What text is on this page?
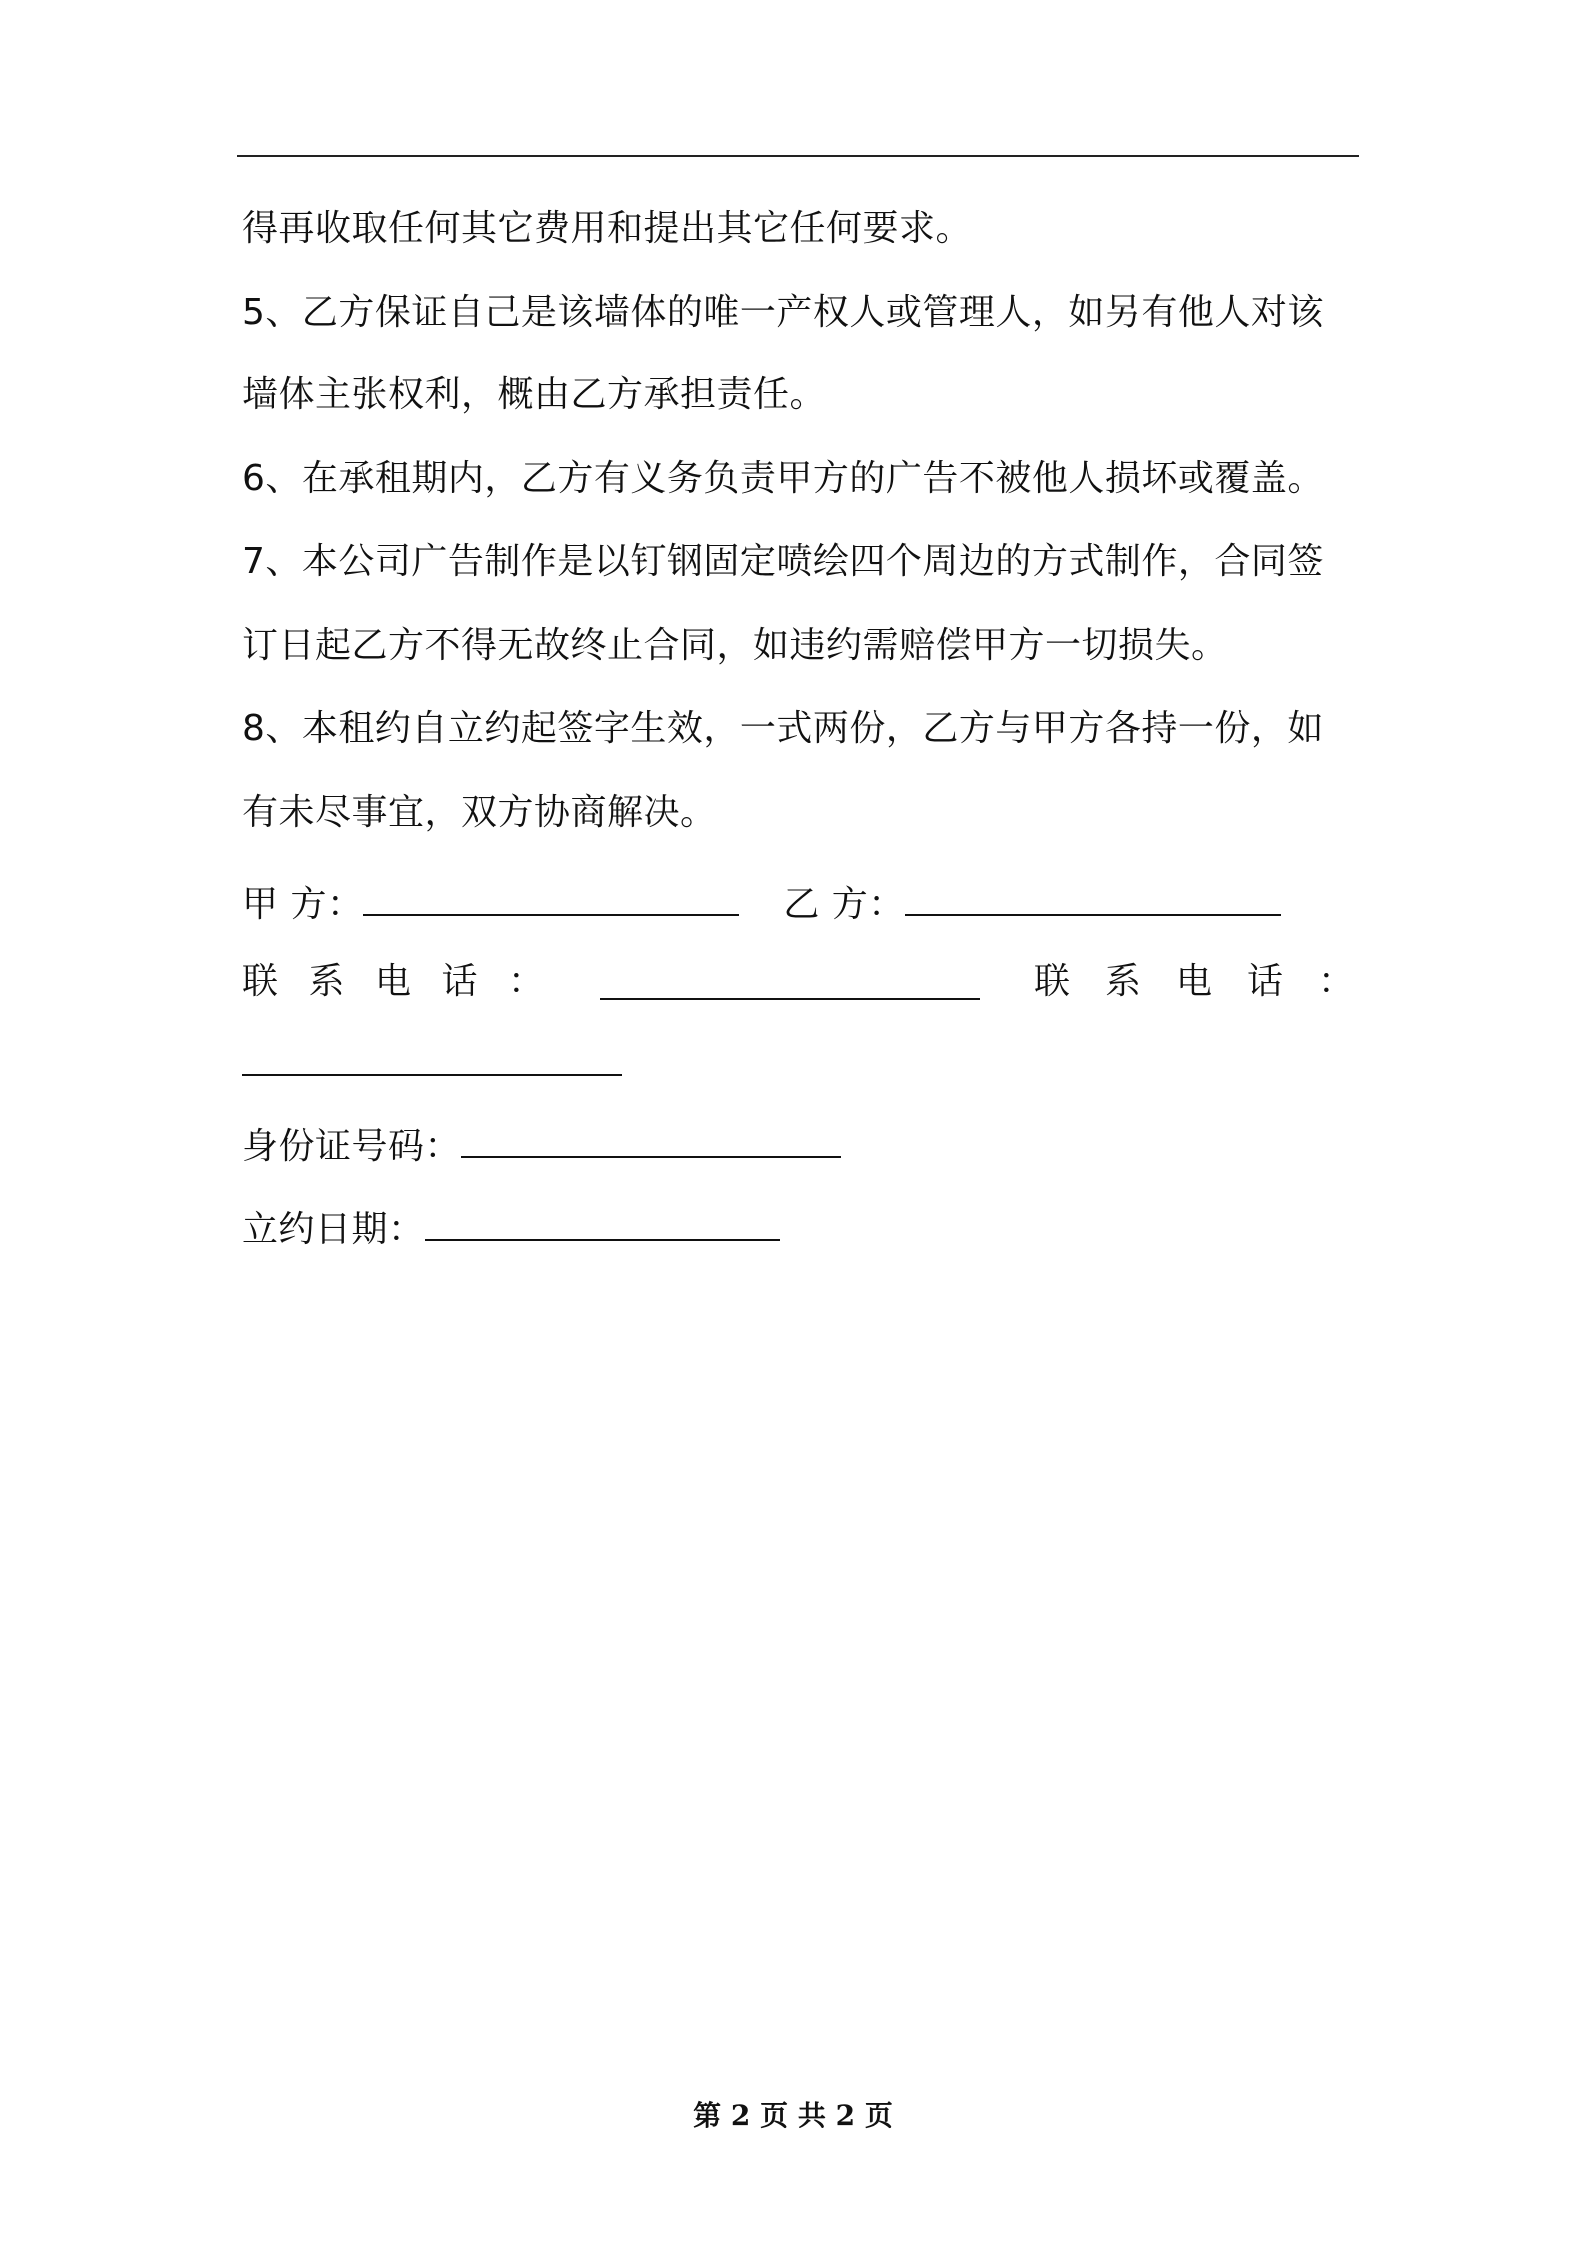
得再收取任何其它费用和提出其它任何要求。
5、乙方保证自己是该墙体的唯一产权人或管理人，如另有他人对该
墙体主张权利，概由乙方承担责任。
6、在承租期内，乙方有义务负责甲方的广告不被他人损坏或覆盖。
7、本公司广告制作是以钉钢固定喷绘四个周边的方式制作，合同签
订日起乙方不得无故终止合同，如违约需赔偿甲方一切损失。
8、本租约自立约起签字生效，一式两份，乙方与甲方各持一份，如
有未尽事宜，双方协商解决。
甲 方：	乙 方：
联 系 电 话 ：	联 系 电 话 ：
身份证号码：
立约日期：
第 2 页 共 2 页
